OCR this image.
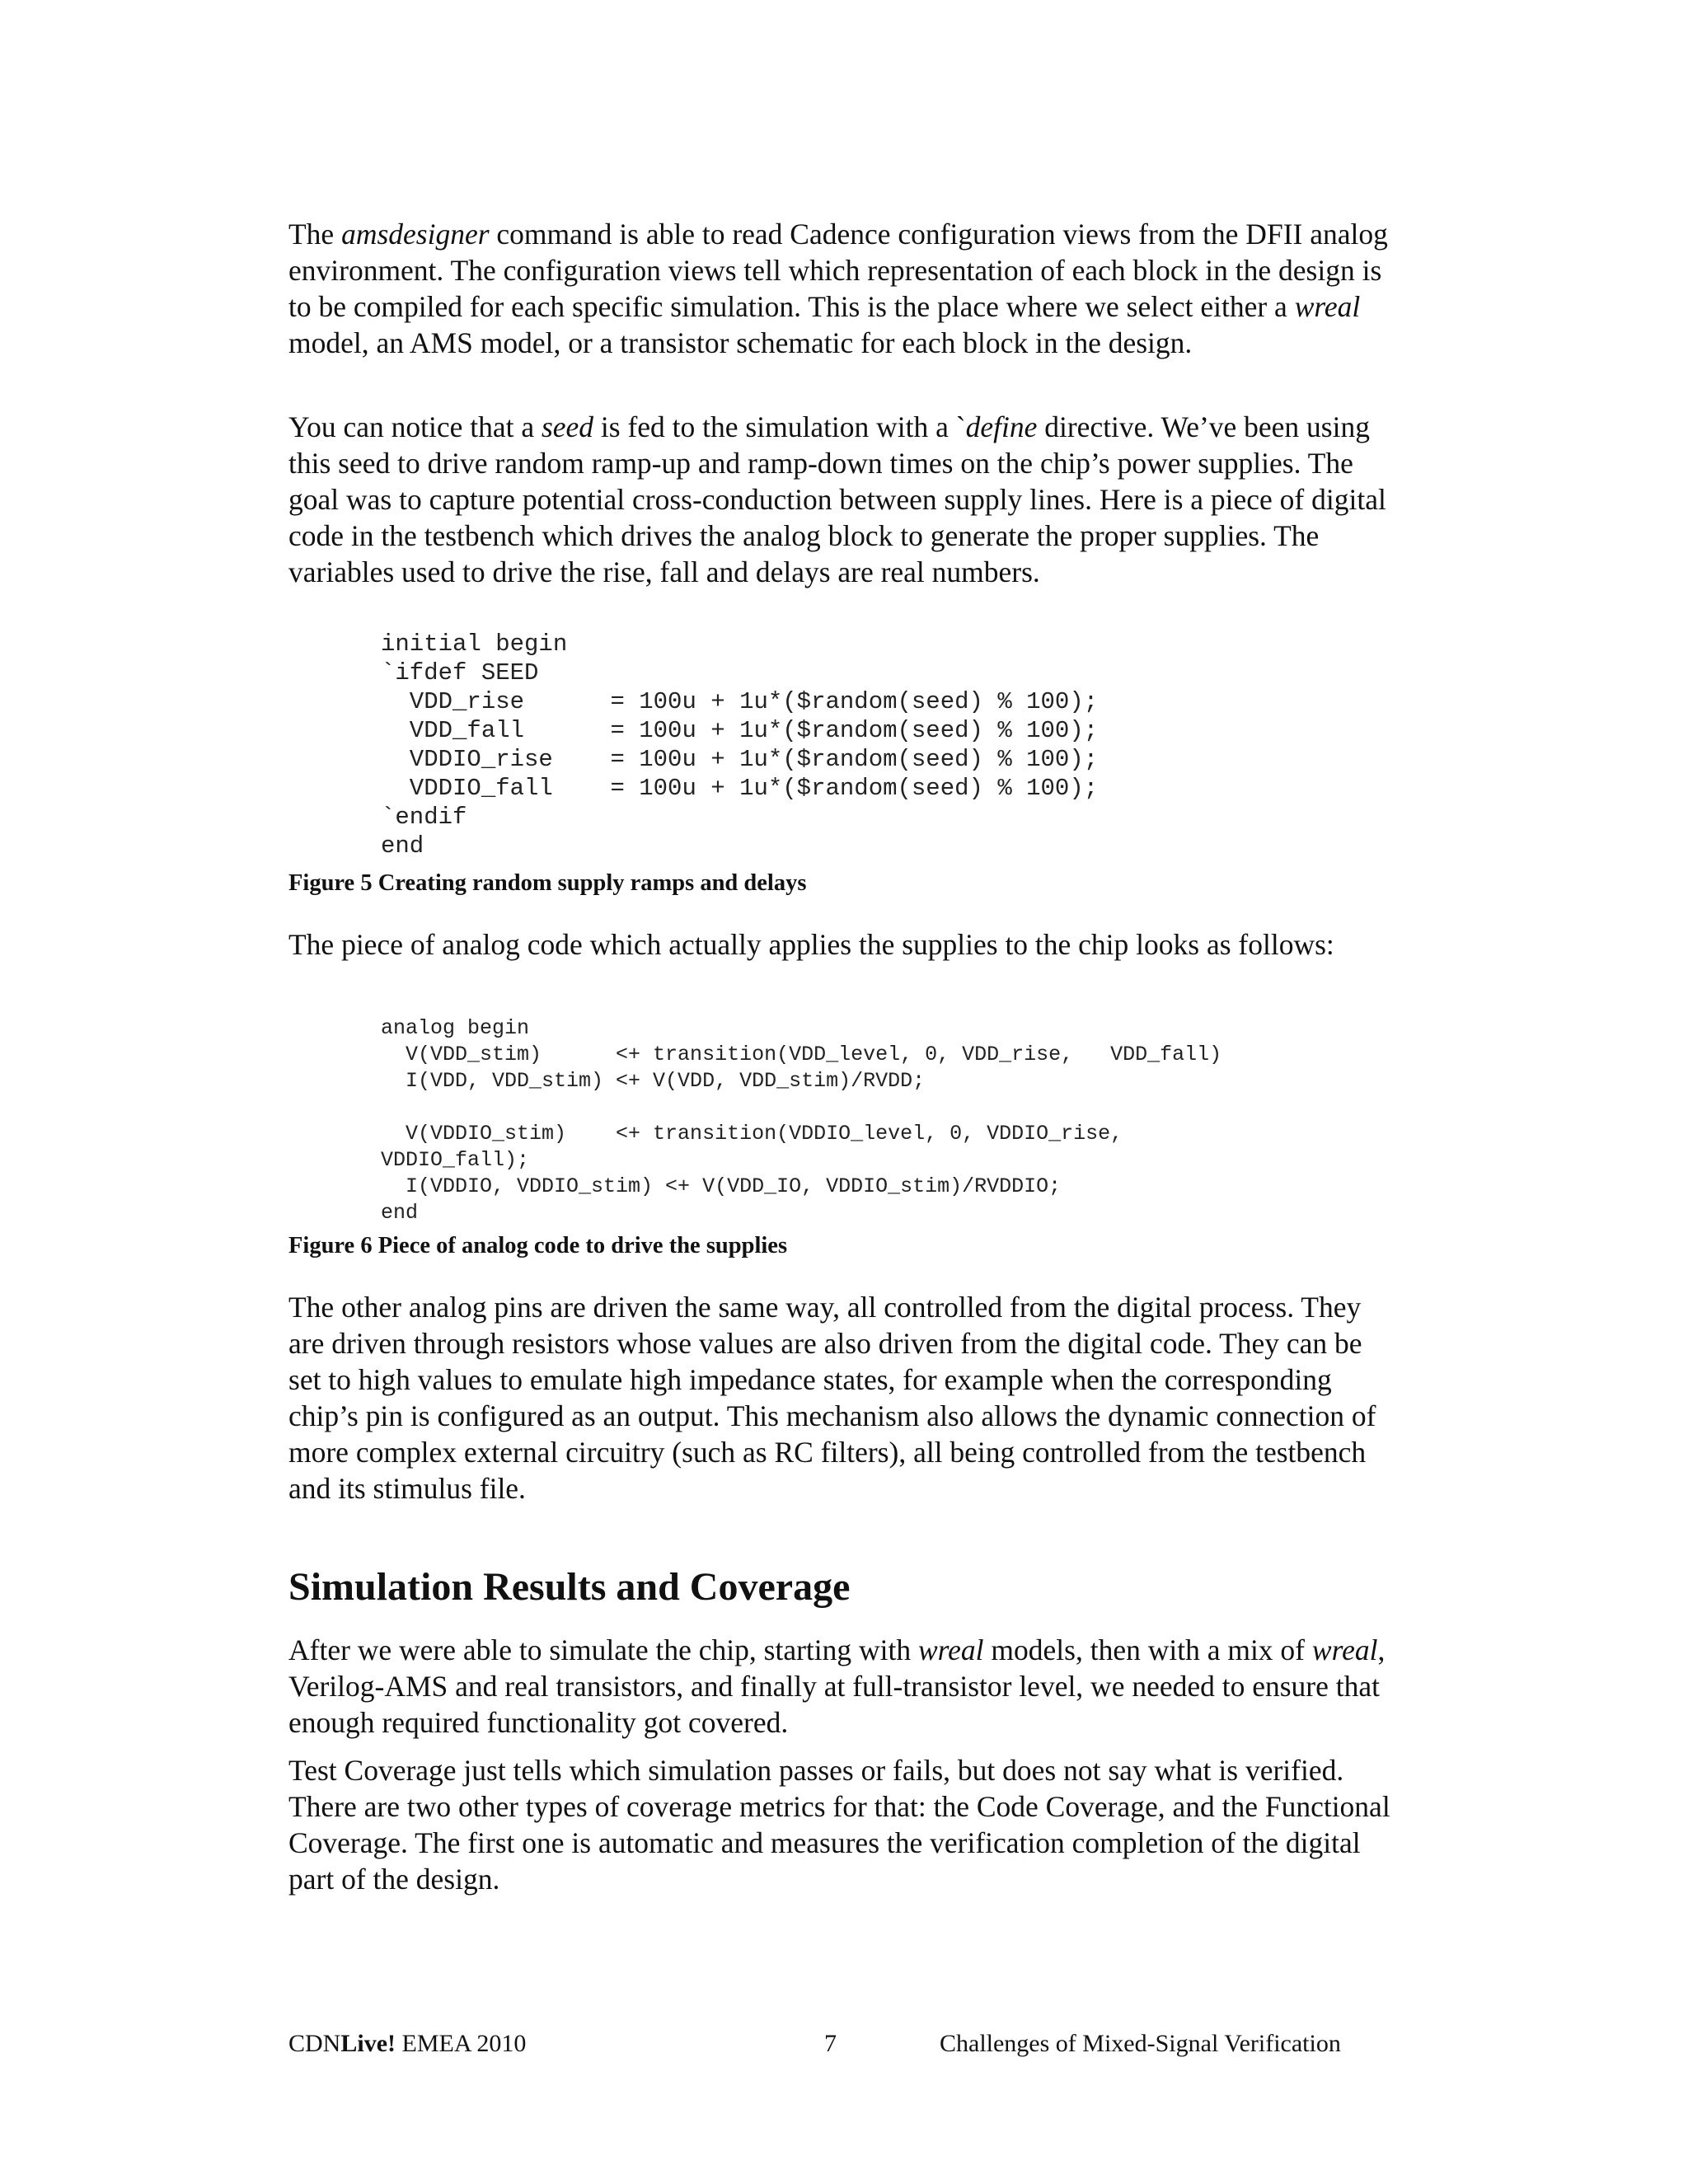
The amsdesigner command is able to read Cadence configuration views from the DFII analog environment. The configuration views tell which representation of each block in the design is to be compiled for each specific simulation. This is the place where we select either a wreal model, an AMS model, or a transistor schematic for each block in the design.

You can notice that a seed is fed to the simulation with a `define directive. We’ve been using this seed to drive random ramp-up and ramp-down times on the chip’s power supplies. The goal was to capture potential cross-conduction between supply lines. Here is a piece of digital code in the testbench which drives the analog block to generate the proper supplies. The variables used to drive the rise, fall and delays are real numbers.

initial begin
`ifdef SEED
VDD_rise      = 100u + 1u*($random(seed) % 100);
VDD_fall      = 100u + 1u*($random(seed) % 100);
VDDIO_rise    = 100u + 1u*($random(seed) % 100);
VDDIO_fall    = 100u + 1u*($random(seed) % 100);
`endif
end

Figure 5 Creating random supply ramps and delays

The piece of analog code which actually applies the supplies to the chip looks as follows:

analog begin
V(VDD_stim)      <+ transition(VDD_level, 0, VDD_rise,   VDD_fall)
I(VDD, VDD_stim) <+ V(VDD, VDD_stim)/RVDD;

V(VDDIO_stim)    <+ transition(VDDIO_level, 0, VDDIO_rise,
VDDIO_fall);
I(VDDIO, VDDIO_stim) <+ V(VDD_IO, VDDIO_stim)/RVDDIO;
end

Figure 6 Piece of analog code to drive the supplies

The other analog pins are driven the same way, all controlled from the digital process. They are driven through resistors whose values are also driven from the digital code. They can be set to high values to emulate high impedance states, for example when the corresponding chip’s pin is configured as an output. This mechanism also allows the dynamic connection of more complex external circuitry (such as RC filters), all being controlled from the testbench and its stimulus file.

Simulation Results and Coverage

After we were able to simulate the chip, starting with wreal models, then with a mix of wreal, Verilog-AMS and real transistors, and finally at full-transistor level, we needed to ensure that enough required functionality got covered.

Test Coverage just tells which simulation passes or fails, but does not say what is verified. There are two other types of coverage metrics for that: the Code Coverage, and the Functional Coverage. The first one is automatic and measures the verification completion of the digital part of the design.

CDNLive! EMEA 2010	7	Challenges of Mixed-Signal Verification
